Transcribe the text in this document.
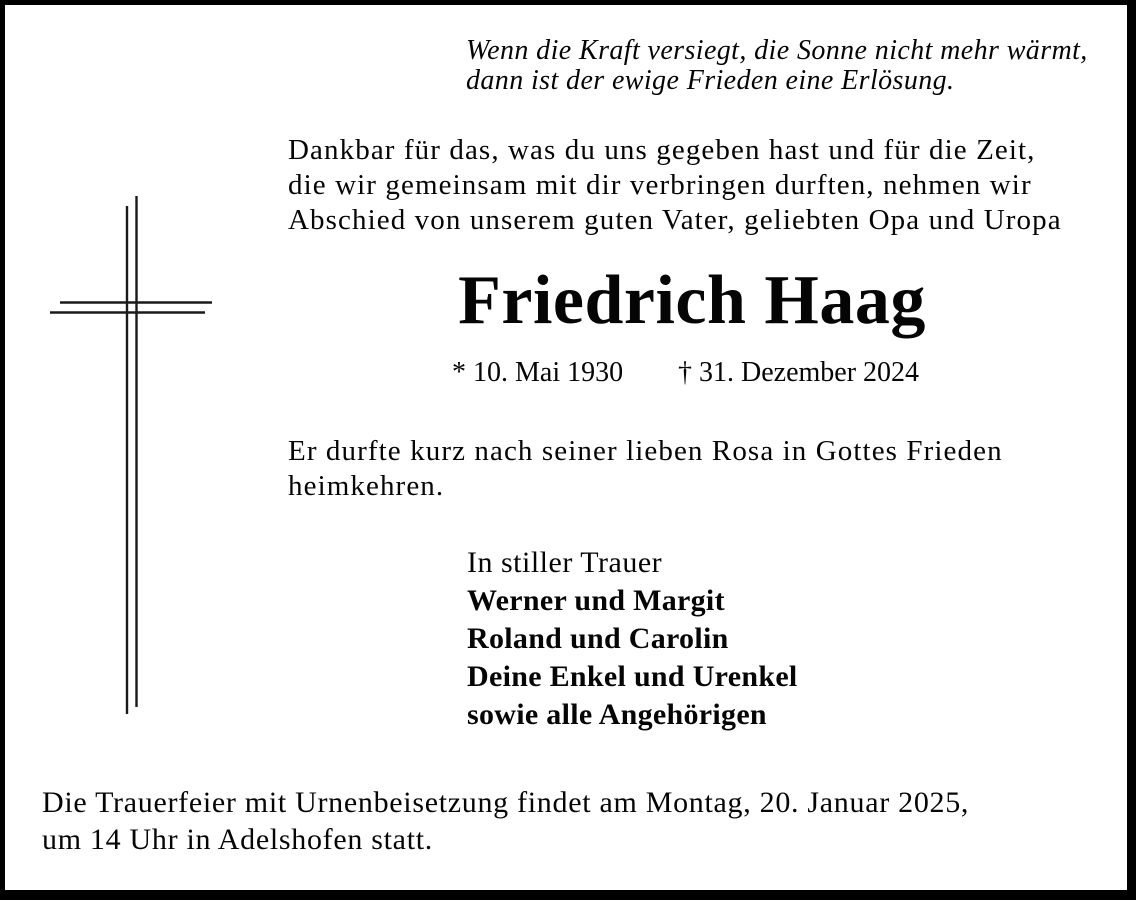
Wenn die Kraft versiegt, die Sonne nicht mehr wärmt,
dann ist der ewige Frieden eine Erlösung.
Dankbar für das, was du uns gegeben hast und für die Zeit,
die wir gemeinsam mit dir verbringen durften, nehmen wir
Abschied von unserem guten Vater, geliebten Opa und Uropa
Friedrich Haag
* 10. Mai 1930 † 31. Dezember 2024
Er durfte kurz nach seiner lieben Rosa in Gottes Frieden
heimkehren.
In stiller Trauer
Werner und Margit
Roland und Carolin
Deine Enkel und Urenkel
sowie alle Angehörigen
Die Trauerfeier mit Urnenbeisetzung findet am Montag, 20. Januar 2025,
um 14 Uhr in Adelshofen statt.
